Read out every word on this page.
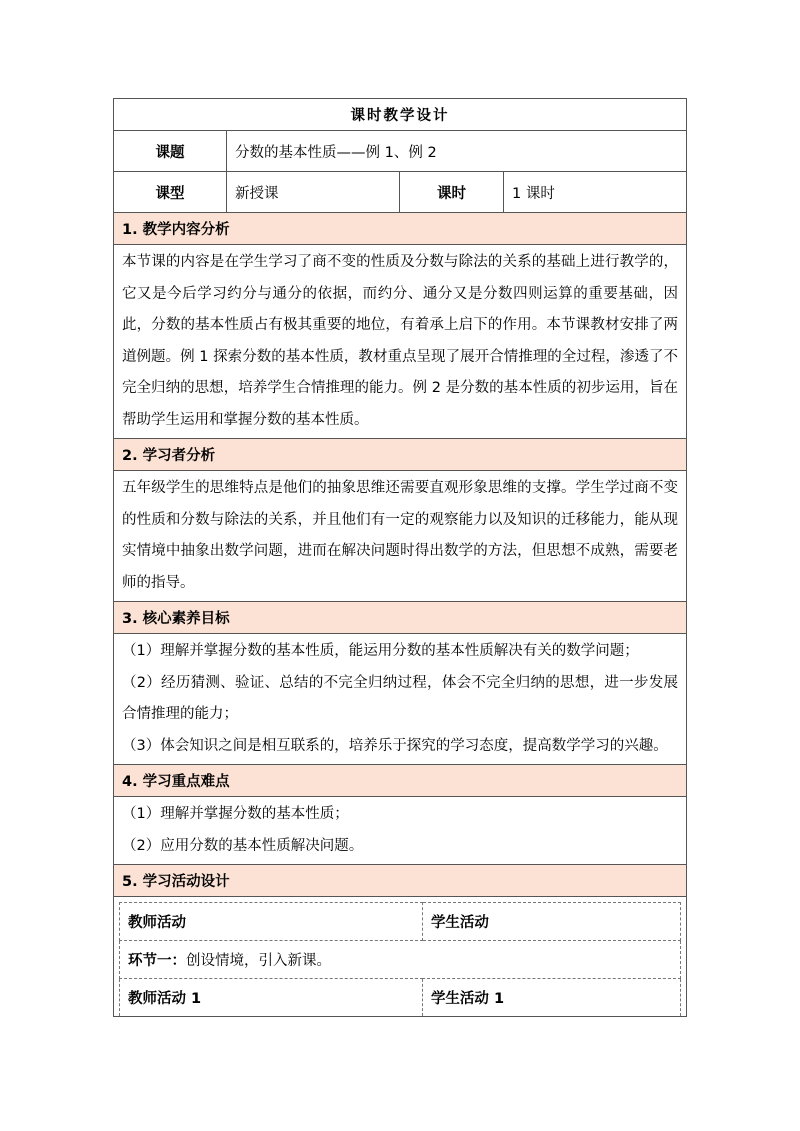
课时教学设计
课题	分数的基本性质——例 1、例 2
课型	新授课	课时	1 课时
1. 教学内容分析

本节课的内容是在学生学习了商不变的性质及分数与除法的关系的基础上进行教学的，它又是今后学习约分与通分的依据，而约分、通分又是分数四则运算的重要基础，因此，分数的基本性质占有极其重要的地位，有着承上启下的作用。本节课教材安排了两道例题。例 1 探索分数的基本性质，教材重点呈现了展开合情推理的全过程，渗透了不完全归纳的思想，培养学生合情推理的能力。例 2 是分数的基本性质的初步运用，旨在帮助学生运用和掌握分数的基本性质。

2. 学习者分析

五年级学生的思维特点是他们的抽象思维还需要直观形象思维的支撑。学生学过商不变的性质和分数与除法的关系，并且他们有一定的观察能力以及知识的迁移能力，能从现实情境中抽象出数学问题，进而在解决问题时得出数学的方法，但思想不成熟，需要老师的指导。

3. 核心素养目标

（1）理解并掌握分数的基本性质，能运用分数的基本性质解决有关的数学问题；

（2）经历猜测、验证、总结的不完全归纳过程，体会不完全归纳的思想，进一步发展合情推理的能力；

（3）体会知识之间是相互联系的，培养乐于探究的学习态度，提高数学学习的兴趣。

4. 学习重点难点

（1）理解并掌握分数的基本性质；

（2）应用分数的基本性质解决问题。

5. 学习活动设计

教师活动	学生活动
环节一：创设情境，引入新课。
教师活动 1	学生活动 1
